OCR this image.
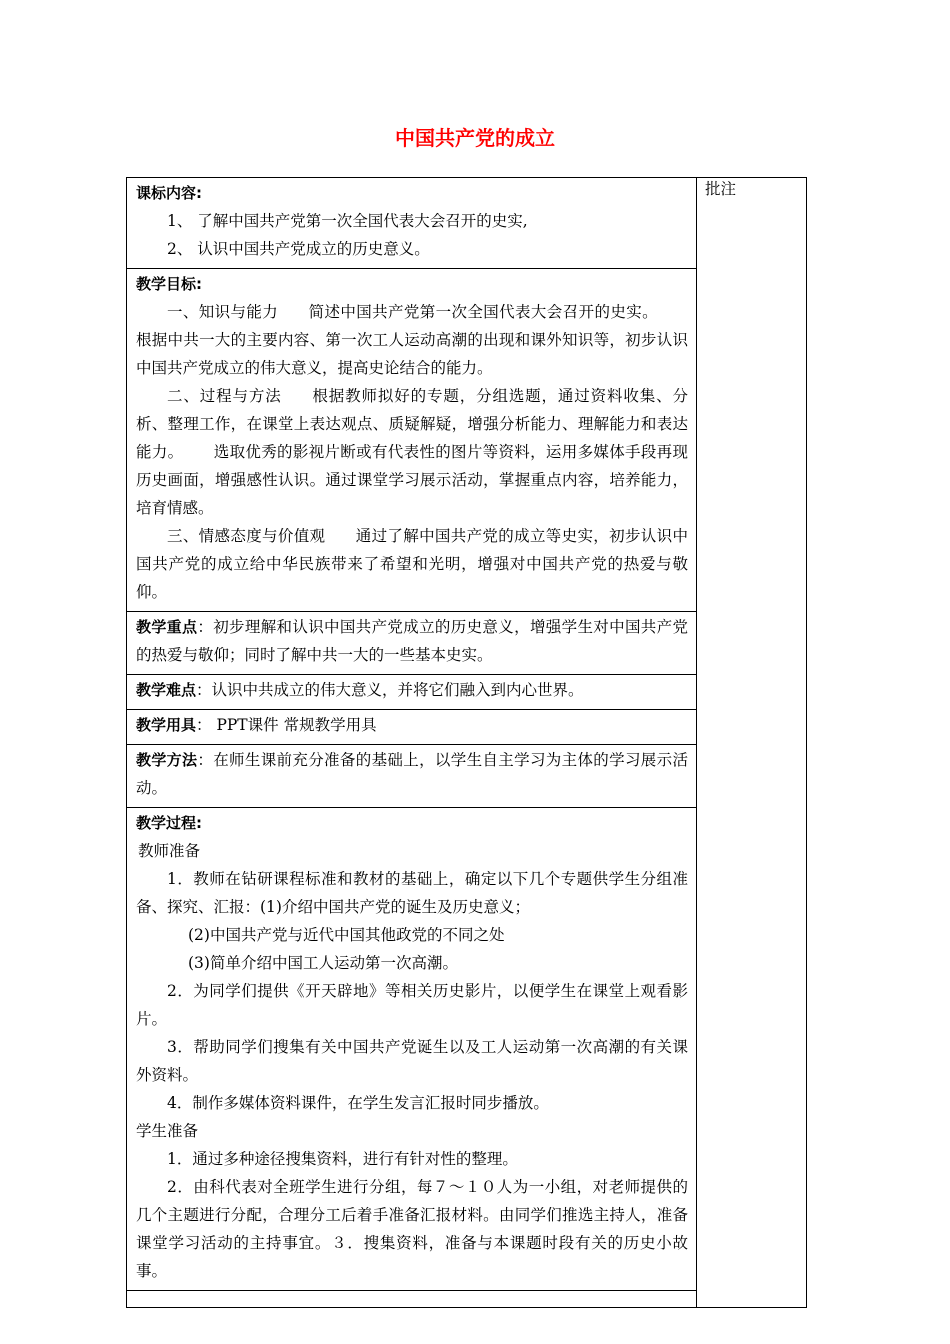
中国共产党的成立

课标内容:

1、 了解中国共产党第一次全国代表大会召开的史实,

2、 认识中国共产党成立的历史意义。

批注

教学目标:

一、知识与能力 简述中国共产党第一次全国代表大会召开的史实。根据中共一大的主要内容、第一次工人运动高潮的出现和课外知识等，初步认识中国共产党成立的伟大意义，提高史论结合的能力。

二、过程与方法 根据教师拟好的专题，分组选题，通过资料收集、分析、整理工作，在课堂上表达观点、质疑解疑，增强分析能力、理解能力和表达能力。 选取优秀的影视片断或有代表性的图片等资料，运用多媒体手段再现历史画面，增强感性认识。通过课堂学习展示活动，掌握重点内容，培养能力，培育情感。

三、情感态度与价值观 通过了解中国共产党的成立等史实，初步认识中国共产党的成立给中华民族带来了希望和光明，增强对中国共产党的热爱与敬仰。

教学重点：初步理解和认识中国共产党成立的历史意义，增强学生对中国共产党的热爱与敬仰；同时了解中共一大的一些基本史实。

教学难点：认识中共成立的伟大意义，并将它们融入到内心世界。

教学用具： PPT课件 常规教学用具

教学方法：在师生课前充分准备的基础上，以学生自主学习为主体的学习展示活动。

教学过程:

教师准备

1．教师在钻研课程标准和教材的基础上，确定以下几个专题供学生分组准备、探究、汇报：(1)介绍中国共产党的诞生及历史意义；

(2)中国共产党与近代中国其他政党的不同之处

(3)简单介绍中国工人运动第一次高潮。

2．为同学们提供《开天辟地》等相关历史影片，以便学生在课堂上观看影片。

3．帮助同学们搜集有关中国共产党诞生以及工人运动第一次高潮的有关课外资料。

4．制作多媒体资料课件，在学生发言汇报时同步播放。

学生准备

1．通过多种途径搜集资料，进行有针对性的整理。

2．由科代表对全班学生进行分组，每７～１０人为一小组，对老师提供的几个主题进行分配，合理分工后着手准备汇报材料。由同学们推选主持人，准备课堂学习活动的主持事宜。３．搜集资料，准备与本课题时段有关的历史小故事。
